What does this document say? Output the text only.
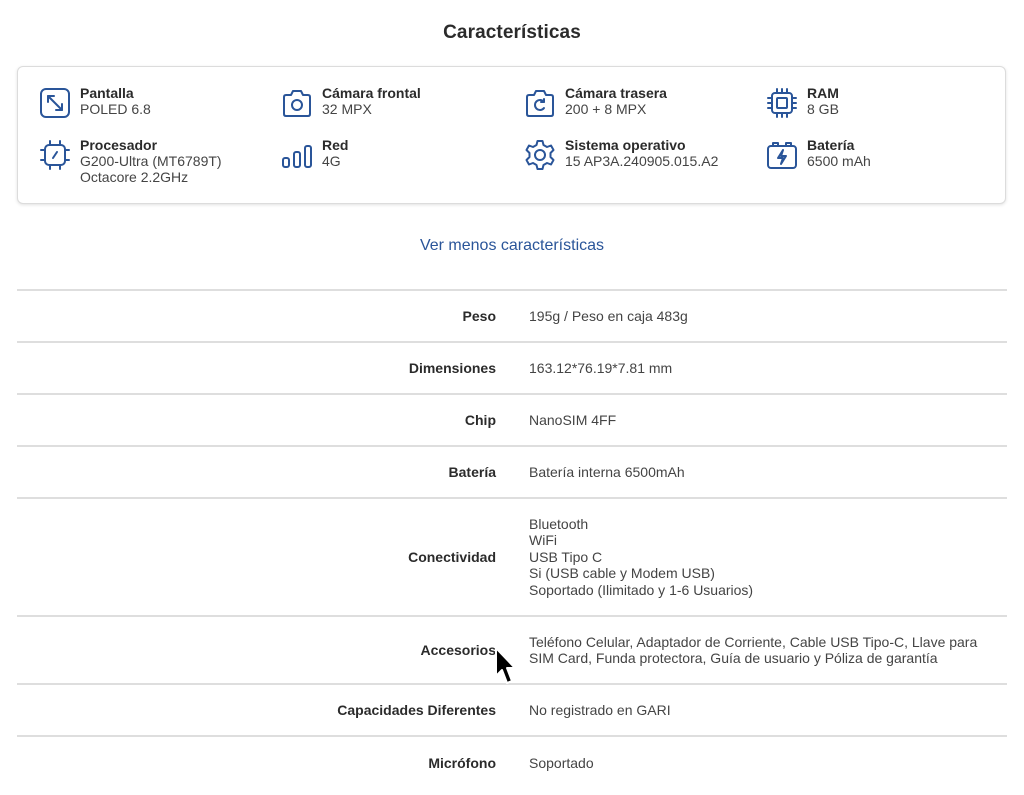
Características
Pantalla
POLED 6.8
Cámara frontal
32 MPX
Cámara trasera
200 + 8 MPX
RAM
8 GB
Procesador
G200-Ultra (MT6789T)
Octacore 2.2GHz
Red
4G
Sistema operativo
15 AP3A.240905.015.A2
Batería
6500 mAh
Ver menos características
Peso 195g / Peso en caja 483g
Dimensiones 163.12*76.19*7.81 mm
Chip NanoSIM 4FF
Batería Batería interna 6500mAh
Conectividad
Bluetooth
WiFi
USB Tipo C
Si (USB cable y Modem USB)
Soportado (Ilimitado y 1-6 Usuarios)
Accesorios
Teléfono Celular, Adaptador de Corriente, Cable USB Tipo-C, Llave para SIM Card, Funda protectora, Guía de usuario y Póliza de garantía
Capacidades Diferentes No registrado en GARI
Micrófono Soportado
